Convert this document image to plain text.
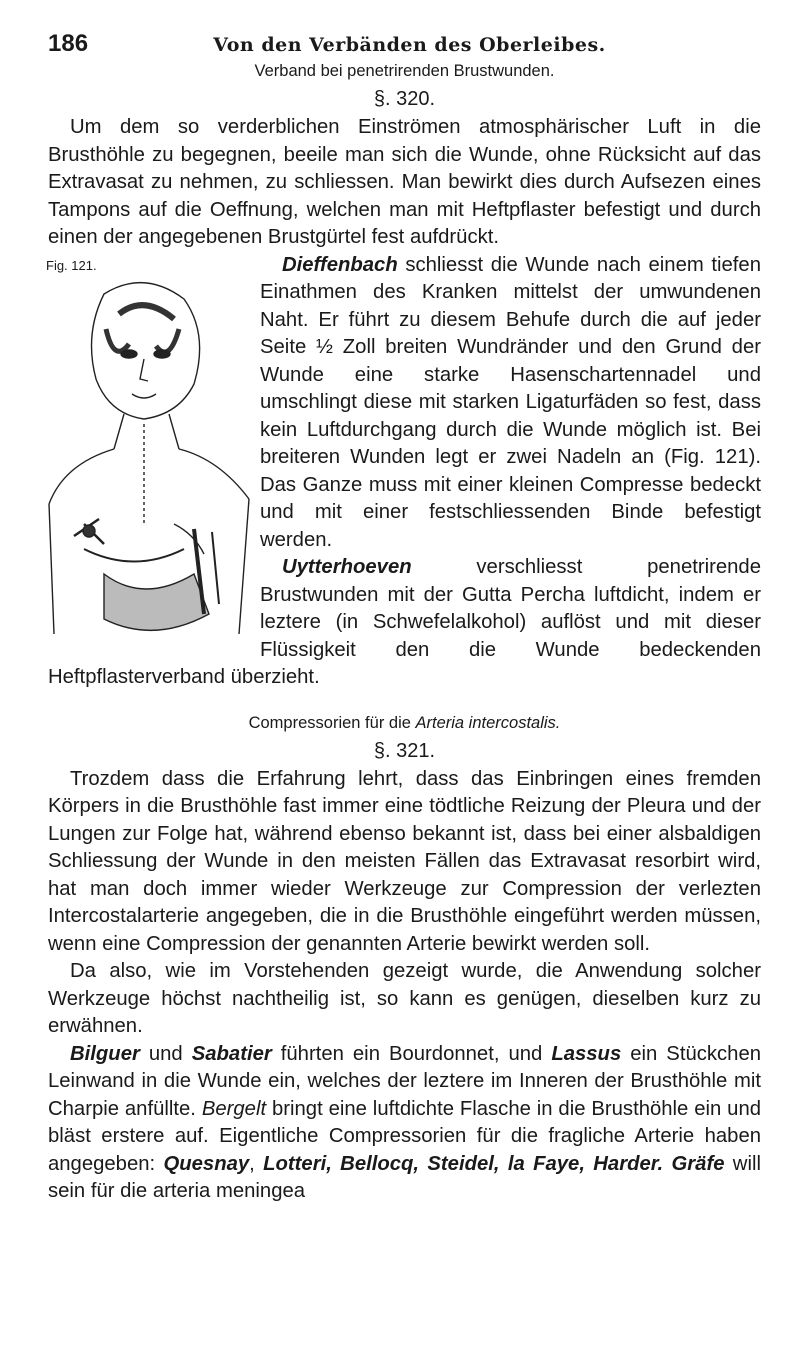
186	Von den Verbänden des Oberleibes.
Verband bei penetrirenden Brustwunden.
§. 320.

Um dem so verderblichen Einströmen atmosphärischer Luft in die Brusthöhle zu begegnen, beeile man sich die Wunde, ohne Rücksicht auf das Extravasat zu nehmen, zu schliessen. Man bewirkt dies durch Aufsezen eines Tampons auf die Oeffnung, welchen man mit Heftpflaster befestigt und durch einen der angegebenen Brustgürtel fest aufdrückt.

Fig. 121.	Dieffenbach schliesst die Wunde nach einem tiefen Einathmen des Kranken mittelst der umwundenen Naht. Er führt zu diesem Behufe durch die auf jeder Seite ½ Zoll breiten Wundränder und den Grund der Wunde eine starke Hasenschartennadel und umschlingt diese mit starken Ligaturfäden so fest, dass kein Luftdurchgang durch die Wunde möglich ist. Bei breiteren Wunden legt er zwei Nadeln an (Fig. 121). Das Ganze muss mit einer kleinen Compresse bedeckt und mit einer festschliessenden Binde befestigt werden.

Uytterhoeven verschliesst penetrirende Brustwunden mit der Gutta Percha luftdicht, indem er leztere (in Schwefelalkohol) auflöst und mit dieser Flüssigkeit den die Wunde bedeckenden Heftpflasterverband überzieht.

Compressorien für die Arteria intercostalis.
§. 321.

Trozdem dass die Erfahrung lehrt, dass das Einbringen eines fremden Körpers in die Brusthöhle fast immer eine tödtliche Reizung der Pleura und der Lungen zur Folge hat, während ebenso bekannt ist, dass bei einer alsbaldigen Schliessung der Wunde in den meisten Fällen das Extravasat resorbirt wird, hat man doch immer wieder Werkzeuge zur Compression der verlezten Intercostalarterie angegeben, die in die Brusthöhle eingeführt werden müssen, wenn eine Compression der genannten Arterie bewirkt werden soll.

Da also, wie im Vorstehenden gezeigt wurde, die Anwendung solcher Werkzeuge höchst nachtheilig ist, so kann es genügen, dieselben kurz zu erwähnen.

Bilguer und Sabatier führten ein Bourdonnet, und Lassus ein Stückchen Leinwand in die Wunde ein, welches der leztere im Inneren der Brusthöhle mit Charpie anfüllte. Bergelt bringt eine luftdichte Flasche in die Brusthöhle ein und bläst erstere auf. Eigentliche Compressorien für die fragliche Arterie haben angegeben: Quesnay, Lotteri, Bellocq, Steidel, la Faye, Harder. Gräfe will sein für die arteria meningea
